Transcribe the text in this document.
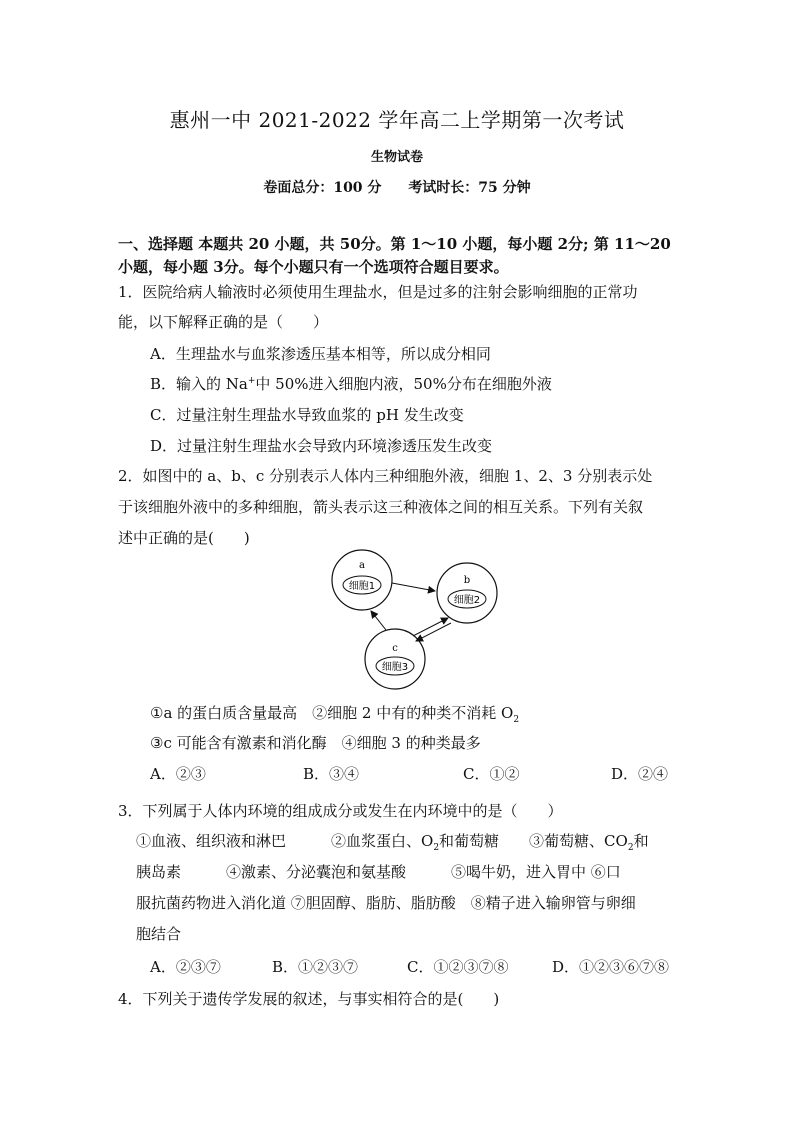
惠州一中 2021-2022 学年高二上学期第一次考试
生物试卷
卷面总分：100 分 考试时长：75 分钟
一、选择题 本题共 20 小题，共 50分。第 1～10 小题，每小题 2分; 第 11～20
小题，每小题 3分。每个小题只有一个选项符合题目要求。
1．医院给病人输液时必须使用生理盐水，但是过多的注射会影响细胞的正常功
能，以下解释正确的是（　　）
A．生理盐水与血浆渗透压基本相等，所以成分相同
B．输入的 Na+中 50%进入细胞内液，50%分布在细胞外液
C．过量注射生理盐水导致血浆的 pH 发生改变
D．过量注射生理盐水会导致内环境渗透压发生改变
2．如图中的 a、b、c 分别表示人体内三种细胞外液，细胞 1、2、3 分别表示处
于该细胞外液中的多种细胞，箭头表示这三种液体之间的相互关系。下列有关叙
述中正确的是(　　)
a
细胞1
b
细胞2
c
细胞3
①a 的蛋白质含量最高　②细胞 2 中有的种类不消耗 $O_2$
③c 可能含有激素和消化酶　④细胞 3 的种类最多
A．②③	B．③④	C．①②	D．②④
3．下列属于人体内环境的组成成分或发生在内环境中的是（　　）
①血液、组织液和淋巴　　　②血浆蛋白、$O_2$和葡萄糖　　③葡萄糖、$CO_2$和
胰岛素　　　④激素、分泌囊泡和氨基酸　　　⑤喝牛奶，进入胃中 ⑥口
服抗菌药物进入消化道 ⑦胆固醇、脂肪、脂肪酸　⑧精子进入输卵管与卵细
胞结合
A．②③⑦	B．①②③⑦	C．①②③⑦⑧	D．①②③⑥⑦⑧
4．下列关于遗传学发展的叙述，与事实相符合的是(　　)
